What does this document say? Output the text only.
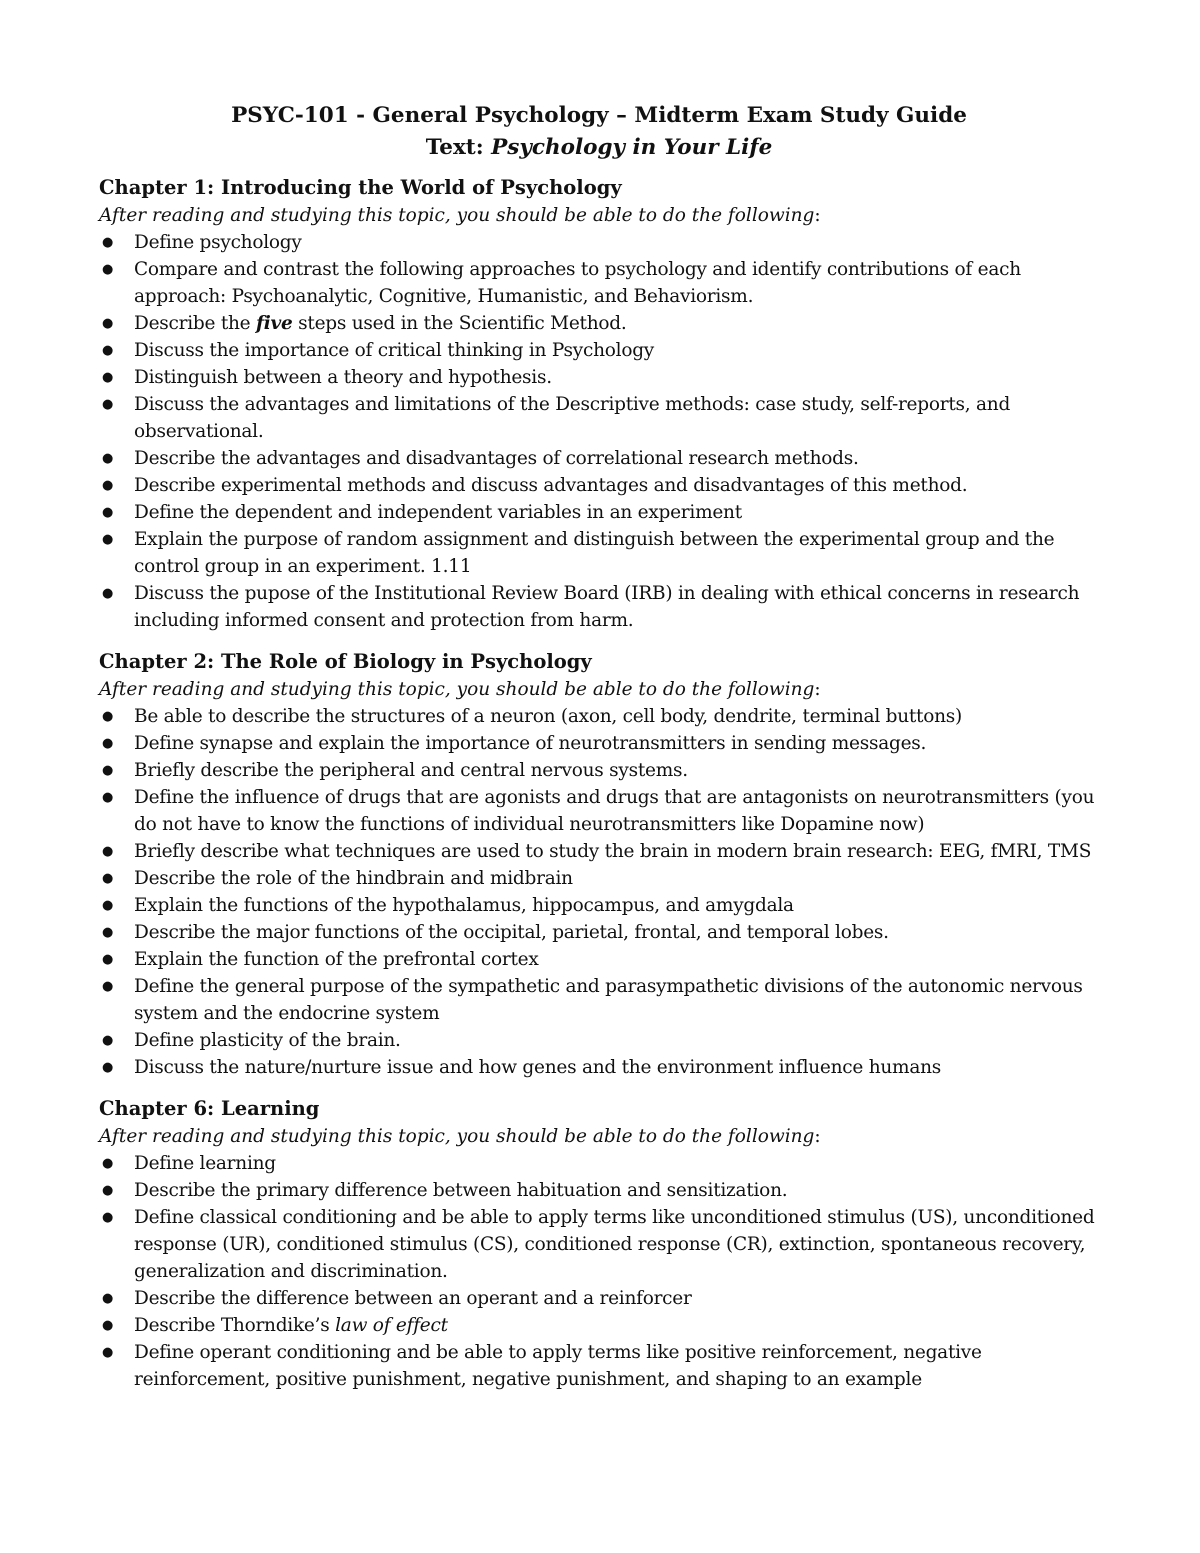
PSYC-101 - General Psychology – Midterm Exam Study Guide

Text: Psychology in Your Life

Chapter 1: Introducing the World of Psychology

After reading and studying this topic, you should be able to do the following:

● Define psychology
● Compare and contrast the following approaches to psychology and identify contributions of each approach: Psychoanalytic, Cognitive, Humanistic, and Behaviorism.
● Describe the five steps used in the Scientific Method.
● Discuss the importance of critical thinking in Psychology
● Distinguish between a theory and hypothesis.
● Discuss the advantages and limitations of the Descriptive methods: case study, self-reports, and observational.
● Describe the advantages and disadvantages of correlational research methods.
● Describe experimental methods and discuss advantages and disadvantages of this method.
● Define the dependent and independent variables in an experiment
● Explain the purpose of random assignment and distinguish between the experimental group and the control group in an experiment. 1.11
● Discuss the pupose of the Institutional Review Board (IRB) in dealing with ethical concerns in research including informed consent and protection from harm.

Chapter 2: The Role of Biology in Psychology

After reading and studying this topic, you should be able to do the following:

● Be able to describe the structures of a neuron (axon, cell body, dendrite, terminal buttons)
● Define synapse and explain the importance of neurotransmitters in sending messages.
● Briefly describe the peripheral and central nervous systems.
● Define the influence of drugs that are agonists and drugs that are antagonists on neurotransmitters (you do not have to know the functions of individual neurotransmitters like Dopamine now)
● Briefly describe what techniques are used to study the brain in modern brain research: EEG, fMRI, TMS
● Describe the role of the hindbrain and midbrain
● Explain the functions of the hypothalamus, hippocampus, and amygdala
● Describe the major functions of the occipital, parietal, frontal, and temporal lobes.
● Explain the function of the prefrontal cortex
● Define the general purpose of the sympathetic and parasympathetic divisions of the autonomic nervous system and the endocrine system
● Define plasticity of the brain.
● Discuss the nature/nurture issue and how genes and the environment influence humans

Chapter 6: Learning

After reading and studying this topic, you should be able to do the following:

● Define learning
● Describe the primary difference between habituation and sensitization.
● Define classical conditioning and be able to apply terms like unconditioned stimulus (US), unconditioned response (UR), conditioned stimulus (CS), conditioned response (CR), extinction, spontaneous recovery, generalization and discrimination.
● Describe the difference between an operant and a reinforcer
● Describe Thorndike’s law of effect
● Define operant conditioning and be able to apply terms like positive reinforcement, negative reinforcement, positive punishment, negative punishment, and shaping to an example
